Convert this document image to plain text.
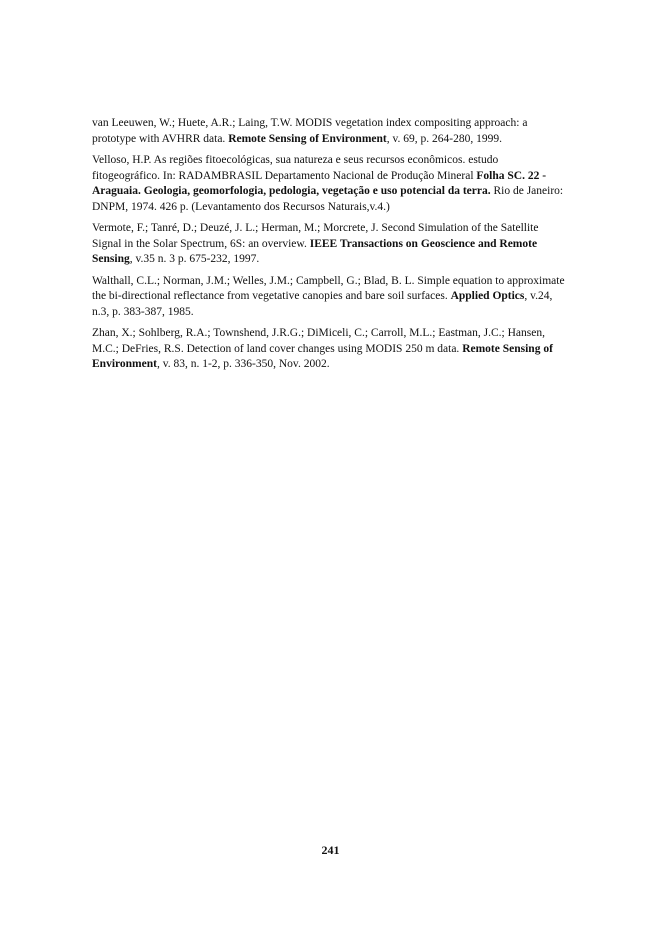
van Leeuwen, W.; Huete, A.R.; Laing, T.W. MODIS vegetation index compositing approach: a prototype with AVHRR data. Remote Sensing of Environment, v. 69, p. 264-280, 1999.

Velloso, H.P. As regiões fitoecológicas, sua natureza e seus recursos econômicos. estudo fitogeográfico. In: RADAMBRASIL Departamento Nacional de Produção Mineral Folha SC. 22 - Araguaia. Geologia, geomorfologia, pedologia, vegetação e uso potencial da terra. Rio de Janeiro: DNPM, 1974. 426 p. (Levantamento dos Recursos Naturais,v.4.)

Vermote, F.; Tanré, D.; Deuzé, J. L.; Herman, M.; Morcrete, J. Second Simulation of the Satellite Signal in the Solar Spectrum, 6S: an overview. IEEE Transactions on Geoscience and Remote Sensing, v.35 n. 3 p. 675-232, 1997.

Walthall, C.L.; Norman, J.M.; Welles, J.M.; Campbell, G.; Blad, B. L. Simple equation to approximate the bi-directional reflectance from vegetative canopies and bare soil surfaces. Applied Optics, v.24, n.3, p. 383-387, 1985.

Zhan, X.; Sohlberg, R.A.; Townshend, J.R.G.; DiMiceli, C.; Carroll, M.L.; Eastman, J.C.; Hansen, M.C.; DeFries, R.S. Detection of land cover changes using MODIS 250 m data. Remote Sensing of Environment, v. 83, n. 1-2, p. 336-350, Nov. 2002.

241
